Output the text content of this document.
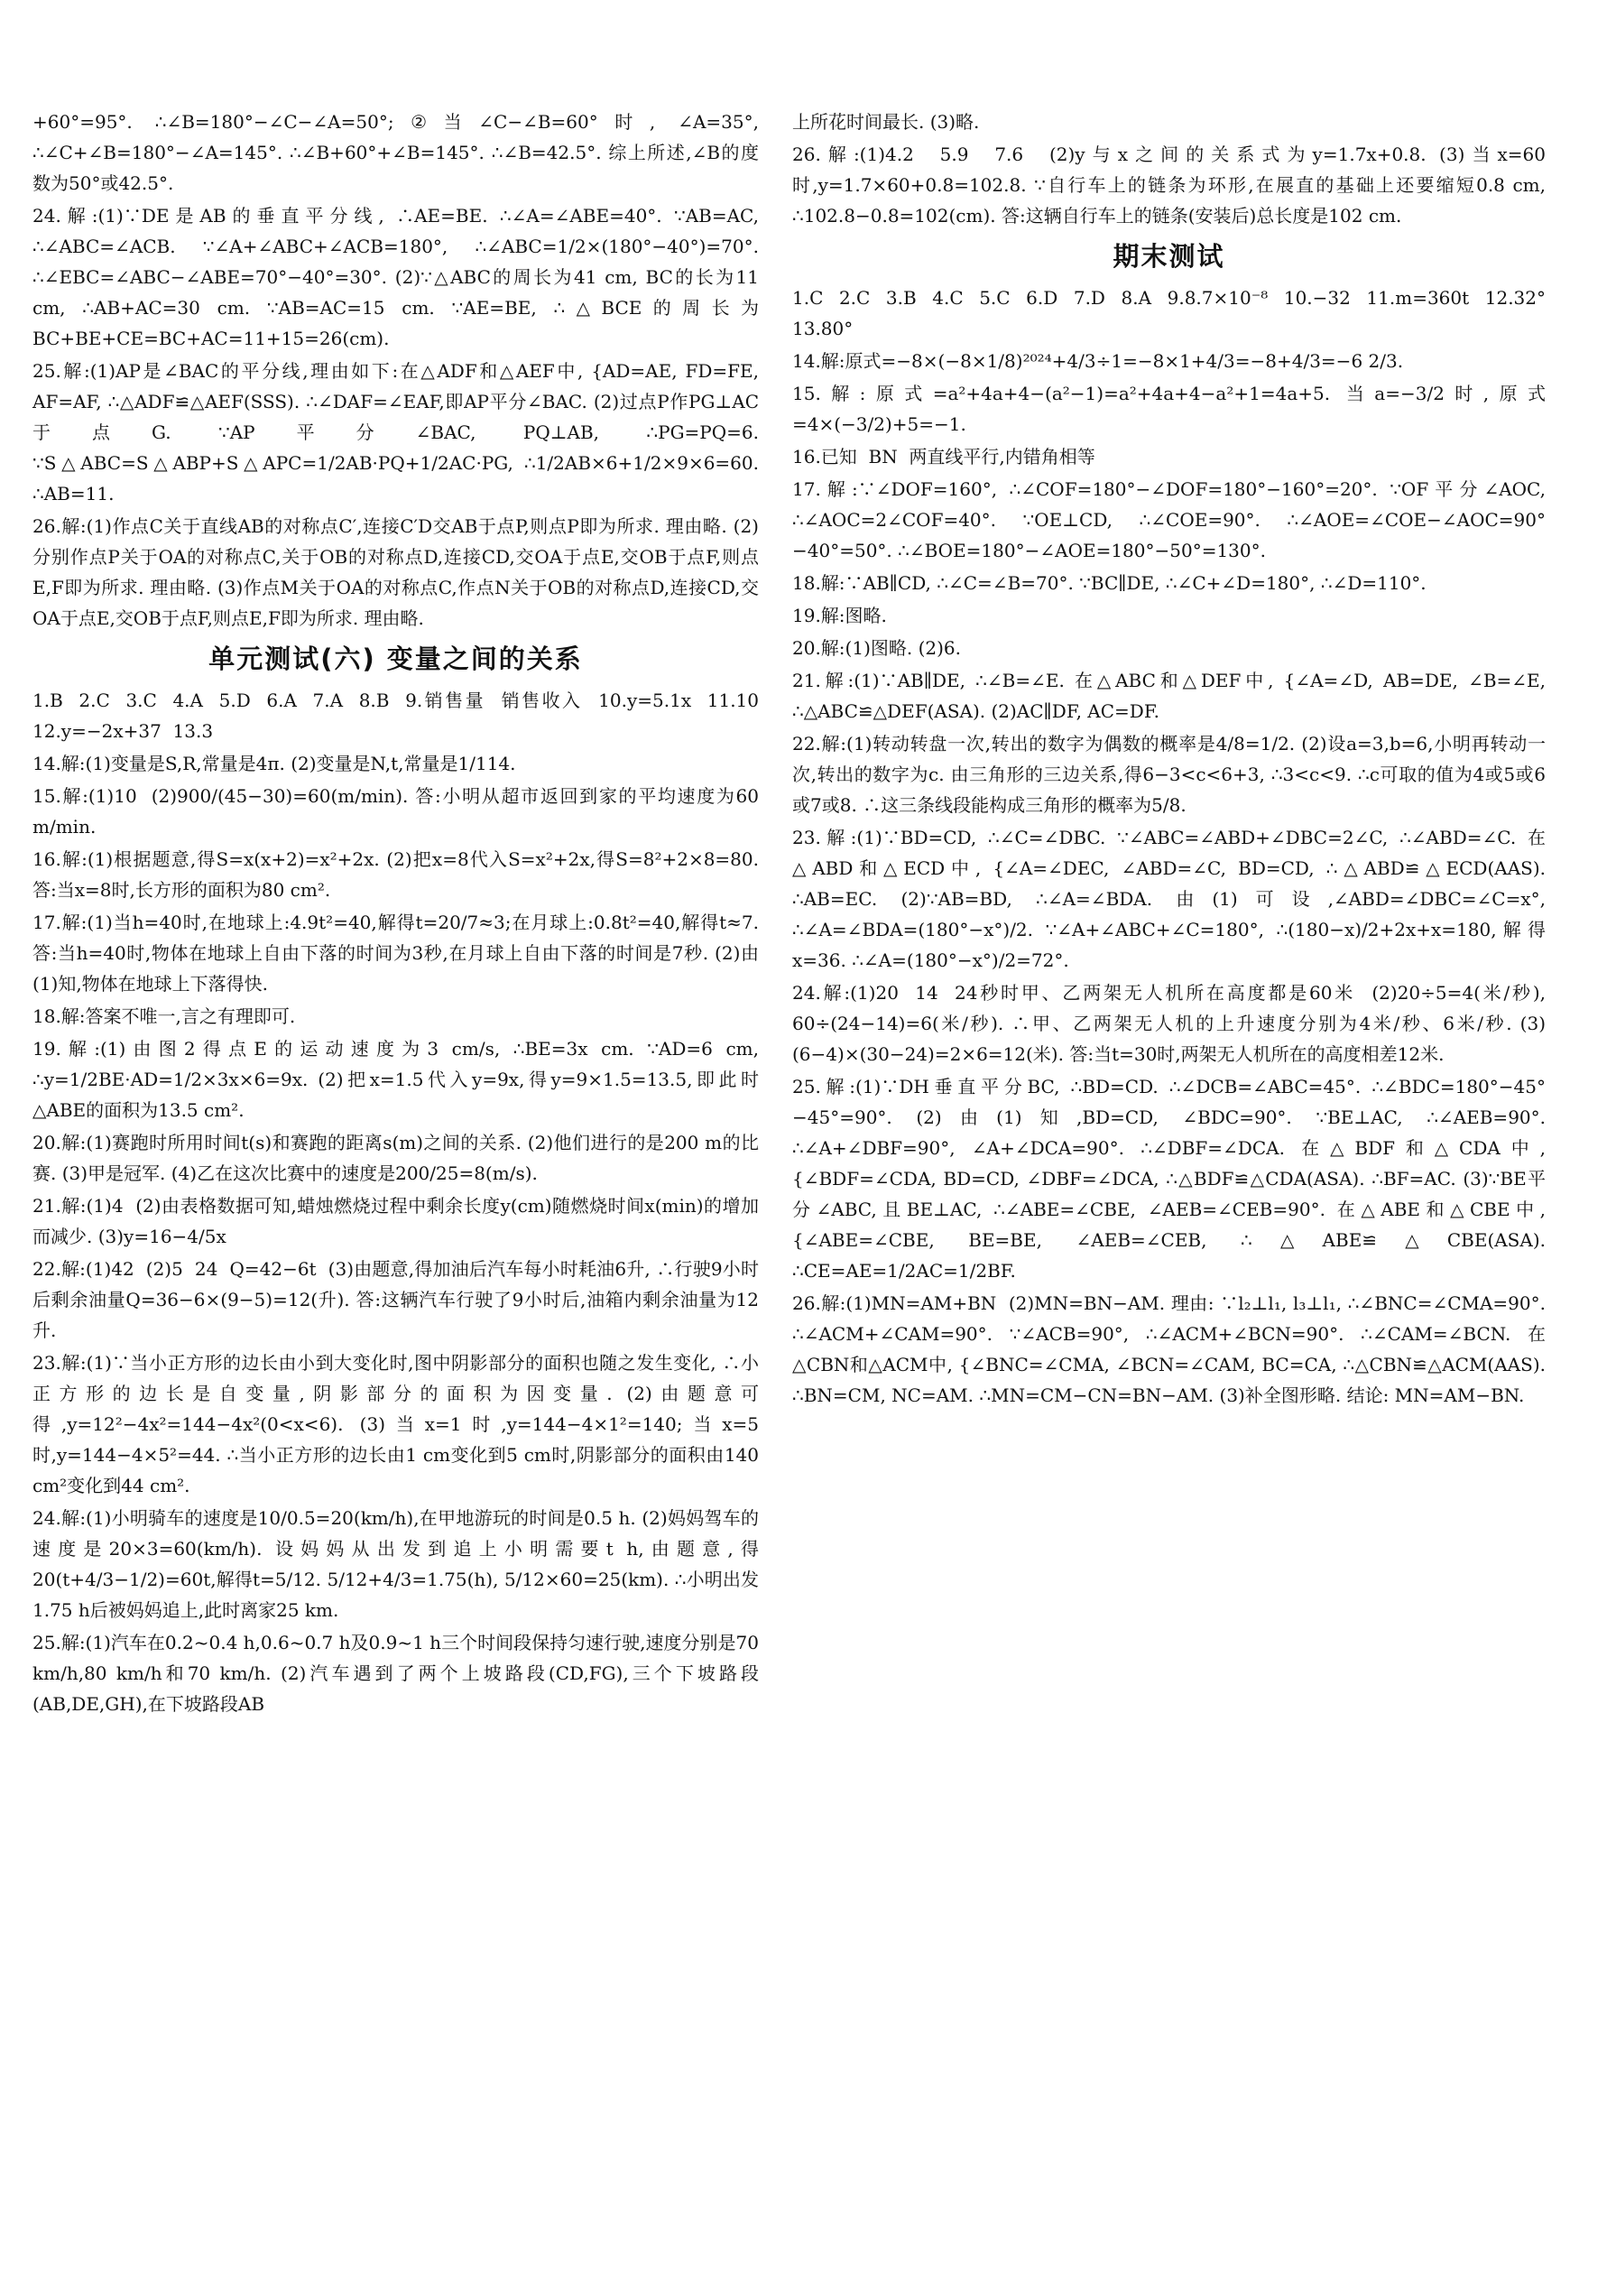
+60°=95°. ∴∠B=180°−∠C−∠A=50°;②当∠C−∠B=60°时, ∠A=35°, ∴∠C+∠B=180°−∠A=145°. ∴∠B+60°+∠B=145°. ∴∠B=42.5°. 综上所述,∠B的度数为50°或42.5°.

24.解:(1)∵DE是AB的垂直平分线, ∴AE=BE. ∴∠A=∠ABE=40°. ∵AB=AC, ∴∠ABC=∠ACB. ∵∠A+∠ABC+∠ACB=180°, ∴∠ABC=1/2×(180°−40°)=70°. ∴∠EBC=∠ABC−∠ABE=70°−40°=30°. (2)∵△ABC的周长为41 cm, BC的长为11 cm, ∴AB+AC=30 cm. ∵AB=AC=15 cm. ∵AE=BE, ∴△BCE的周长为BC+BE+CE=BC+AC=11+15=26(cm).

25.解:(1)AP是∠BAC的平分线,理由如下:在△ADF和△AEF中, {AD=AE, FD=FE, AF=AF, ∴△ADF≌△AEF(SSS). ∴∠DAF=∠EAF,即AP平分∠BAC. (2)过点P作PG⊥AC于点G. ∵AP平分∠BAC, PQ⊥AB, ∴PG=PQ=6. ∵S△ABC=S△ABP+S△APC=1/2AB·PQ+1/2AC·PG, ∴1/2AB×6+1/2×9×6=60. ∴AB=11.

26.解:(1)作点C关于直线AB的对称点C′,连接C′D交AB于点P,则点P即为所求. 理由略. (2)分别作点P关于OA的对称点C,关于OB的对称点D,连接CD,交OA于点E,交OB于点F,则点E,F即为所求. 理由略. (3)作点M关于OA的对称点C,作点N关于OB的对称点D,连接CD,交OA于点E,交OB于点F,则点E,F即为所求. 理由略.

单元测试(六) 变量之间的关系

1.B  2.C  3.C  4.A  5.D  6.A  7.A  8.B  9.销售量  销售收入  10.y=5.1x  11.10  12.y=−2x+37  13.3

14.解:(1)变量是S,R,常量是4π. (2)变量是N,t,常量是1/114.

15.解:(1)10  (2)900/(45−30)=60(m/min). 答:小明从超市返回到家的平均速度为60 m/min.

16.解:(1)根据题意,得S=x(x+2)=x²+2x. (2)把x=8代入S=x²+2x,得S=8²+2×8=80. 答:当x=8时,长方形的面积为80 cm².

17.解:(1)当h=40时,在地球上:4.9t²=40,解得t=20/7≈3;在月球上:0.8t²=40,解得t≈7. 答:当h=40时,物体在地球上自由下落的时间为3秒,在月球上自由下落的时间是7秒. (2)由(1)知,物体在地球上下落得快.

18.解:答案不唯一,言之有理即可.

19.解:(1)由图2得点E的运动速度为3 cm/s, ∴BE=3x cm. ∵AD=6 cm, ∴y=1/2BE·AD=1/2×3x×6=9x. (2)把x=1.5代入y=9x,得y=9×1.5=13.5,即此时△ABE的面积为13.5 cm².

20.解:(1)赛跑时所用时间t(s)和赛跑的距离s(m)之间的关系. (2)他们进行的是200 m的比赛. (3)甲是冠军. (4)乙在这次比赛中的速度是200/25=8(m/s).

21.解:(1)4  (2)由表格数据可知,蜡烛燃烧过程中剩余长度y(cm)随燃烧时间x(min)的增加而减少. (3)y=16−4/5x

22.解:(1)42  (2)5  24  Q=42−6t  (3)由题意,得加油后汽车每小时耗油6升, ∴行驶9小时后剩余油量Q=36−6×(9−5)=12(升). 答:这辆汽车行驶了9小时后,油箱内剩余油量为12升.

23.解:(1)∵当小正方形的边长由小到大变化时,图中阴影部分的面积也随之发生变化, ∴小正方形的边长是自变量,阴影部分的面积为因变量. (2)由题意可得,y=12²−4x²=144−4x²(0<x<6). (3)当x=1时,y=144−4×1²=140;当x=5时,y=144−4×5²=44. ∴当小正方形的边长由1 cm变化到5 cm时,阴影部分的面积由140 cm²变化到44 cm².

24.解:(1)小明骑车的速度是10/0.5=20(km/h),在甲地游玩的时间是0.5 h. (2)妈妈驾车的速度是20×3=60(km/h). 设妈妈从出发到追上小明需要t h,由题意,得20(t+4/3−1/2)=60t,解得t=5/12. 5/12+4/3=1.75(h), 5/12×60=25(km). ∴小明出发1.75 h后被妈妈追上,此时离家25 km.

25.解:(1)汽车在0.2~0.4 h,0.6~0.7 h及0.9~1 h三个时间段保持匀速行驶,速度分别是70 km/h,80 km/h和70 km/h. (2)汽车遇到了两个上坡路段(CD,FG),三个下坡路段(AB,DE,GH),在下坡路段AB

上所花时间最长. (3)略.

26.解:(1)4.2  5.9  7.6  (2)y与x之间的关系式为y=1.7x+0.8. (3)当x=60时,y=1.7×60+0.8=102.8. ∵自行车上的链条为环形,在展直的基础上还要缩短0.8 cm, ∴102.8−0.8=102(cm). 答:这辆自行车上的链条(安装后)总长度是102 cm.

期末测试

1.C  2.C  3.B  4.C  5.C  6.D  7.D  8.A  9.8.7×10⁻⁸  10.−32  11.m=360t  12.32°  13.80°

14.解:原式=−8×(−8×1/8)²⁰²⁴+4/3÷1=−8×1+4/3=−8+4/3=−6 2/3.

15.解:原式=a²+4a+4−(a²−1)=a²+4a+4−a²+1=4a+5. 当a=−3/2时,原式=4×(−3/2)+5=−1.

16.已知  BN  两直线平行,内错角相等

17.解:∵∠DOF=160°, ∴∠COF=180°−∠DOF=180°−160°=20°. ∵OF平分∠AOC, ∴∠AOC=2∠COF=40°. ∵OE⊥CD, ∴∠COE=90°. ∴∠AOE=∠COE−∠AOC=90°−40°=50°. ∴∠BOE=180°−∠AOE=180°−50°=130°.

18.解:∵AB∥CD, ∴∠C=∠B=70°. ∵BC∥DE, ∴∠C+∠D=180°, ∴∠D=110°.

19.解:图略.

20.解:(1)图略. (2)6.

21.解:(1)∵AB∥DE, ∴∠B=∠E. 在△ABC和△DEF中, {∠A=∠D, AB=DE, ∠B=∠E, ∴△ABC≌△DEF(ASA). (2)AC∥DF, AC=DF.

22.解:(1)转动转盘一次,转出的数字为偶数的概率是4/8=1/2. (2)设a=3,b=6,小明再转动一次,转出的数字为c. 由三角形的三边关系,得6−3<c<6+3, ∴3<c<9. ∴c可取的值为4或5或6或7或8. ∴这三条线段能构成三角形的概率为5/8.

23.解:(1)∵BD=CD, ∴∠C=∠DBC. ∵∠ABC=∠ABD+∠DBC=2∠C, ∴∠ABD=∠C. 在△ABD和△ECD中, {∠A=∠DEC, ∠ABD=∠C, BD=CD, ∴△ABD≌△ECD(AAS). ∴AB=EC. (2)∵AB=BD, ∴∠A=∠BDA. 由(1)可设,∠ABD=∠DBC=∠C=x°, ∴∠A=∠BDA=(180°−x°)/2. ∵∠A+∠ABC+∠C=180°, ∴(180−x)/2+2x+x=180,解得x=36. ∴∠A=(180°−x°)/2=72°.

24.解:(1)20  14  24秒时甲、乙两架无人机所在高度都是60米  (2)20÷5=4(米/秒), 60÷(24−14)=6(米/秒). ∴甲、乙两架无人机的上升速度分别为4米/秒、6米/秒. (3)(6−4)×(30−24)=2×6=12(米). 答:当t=30时,两架无人机所在的高度相差12米.

25.解:(1)∵DH垂直平分BC, ∴BD=CD. ∴∠DCB=∠ABC=45°. ∴∠BDC=180°−45°−45°=90°. (2)由(1)知,BD=CD, ∠BDC=90°. ∵BE⊥AC, ∴∠AEB=90°. ∴∠A+∠DBF=90°, ∠A+∠DCA=90°. ∴∠DBF=∠DCA. 在△BDF和△CDA中, {∠BDF=∠CDA, BD=CD, ∠DBF=∠DCA, ∴△BDF≌△CDA(ASA). ∴BF=AC. (3)∵BE平分∠ABC,且BE⊥AC, ∴∠ABE=∠CBE, ∠AEB=∠CEB=90°. 在△ABE和△CBE中, {∠ABE=∠CBE, BE=BE, ∠AEB=∠CEB, ∴△ABE≌△CBE(ASA). ∴CE=AE=1/2AC=1/2BF.

26.解:(1)MN=AM+BN  (2)MN=BN−AM. 理由: ∵l₂⊥l₁, l₃⊥l₁, ∴∠BNC=∠CMA=90°. ∴∠ACM+∠CAM=90°. ∵∠ACB=90°, ∴∠ACM+∠BCN=90°. ∴∠CAM=∠BCN. 在△CBN和△ACM中, {∠BNC=∠CMA, ∠BCN=∠CAM, BC=CA, ∴△CBN≌△ACM(AAS). ∴BN=CM, NC=AM. ∴MN=CM−CN=BN−AM. (3)补全图形略. 结论: MN=AM−BN.
